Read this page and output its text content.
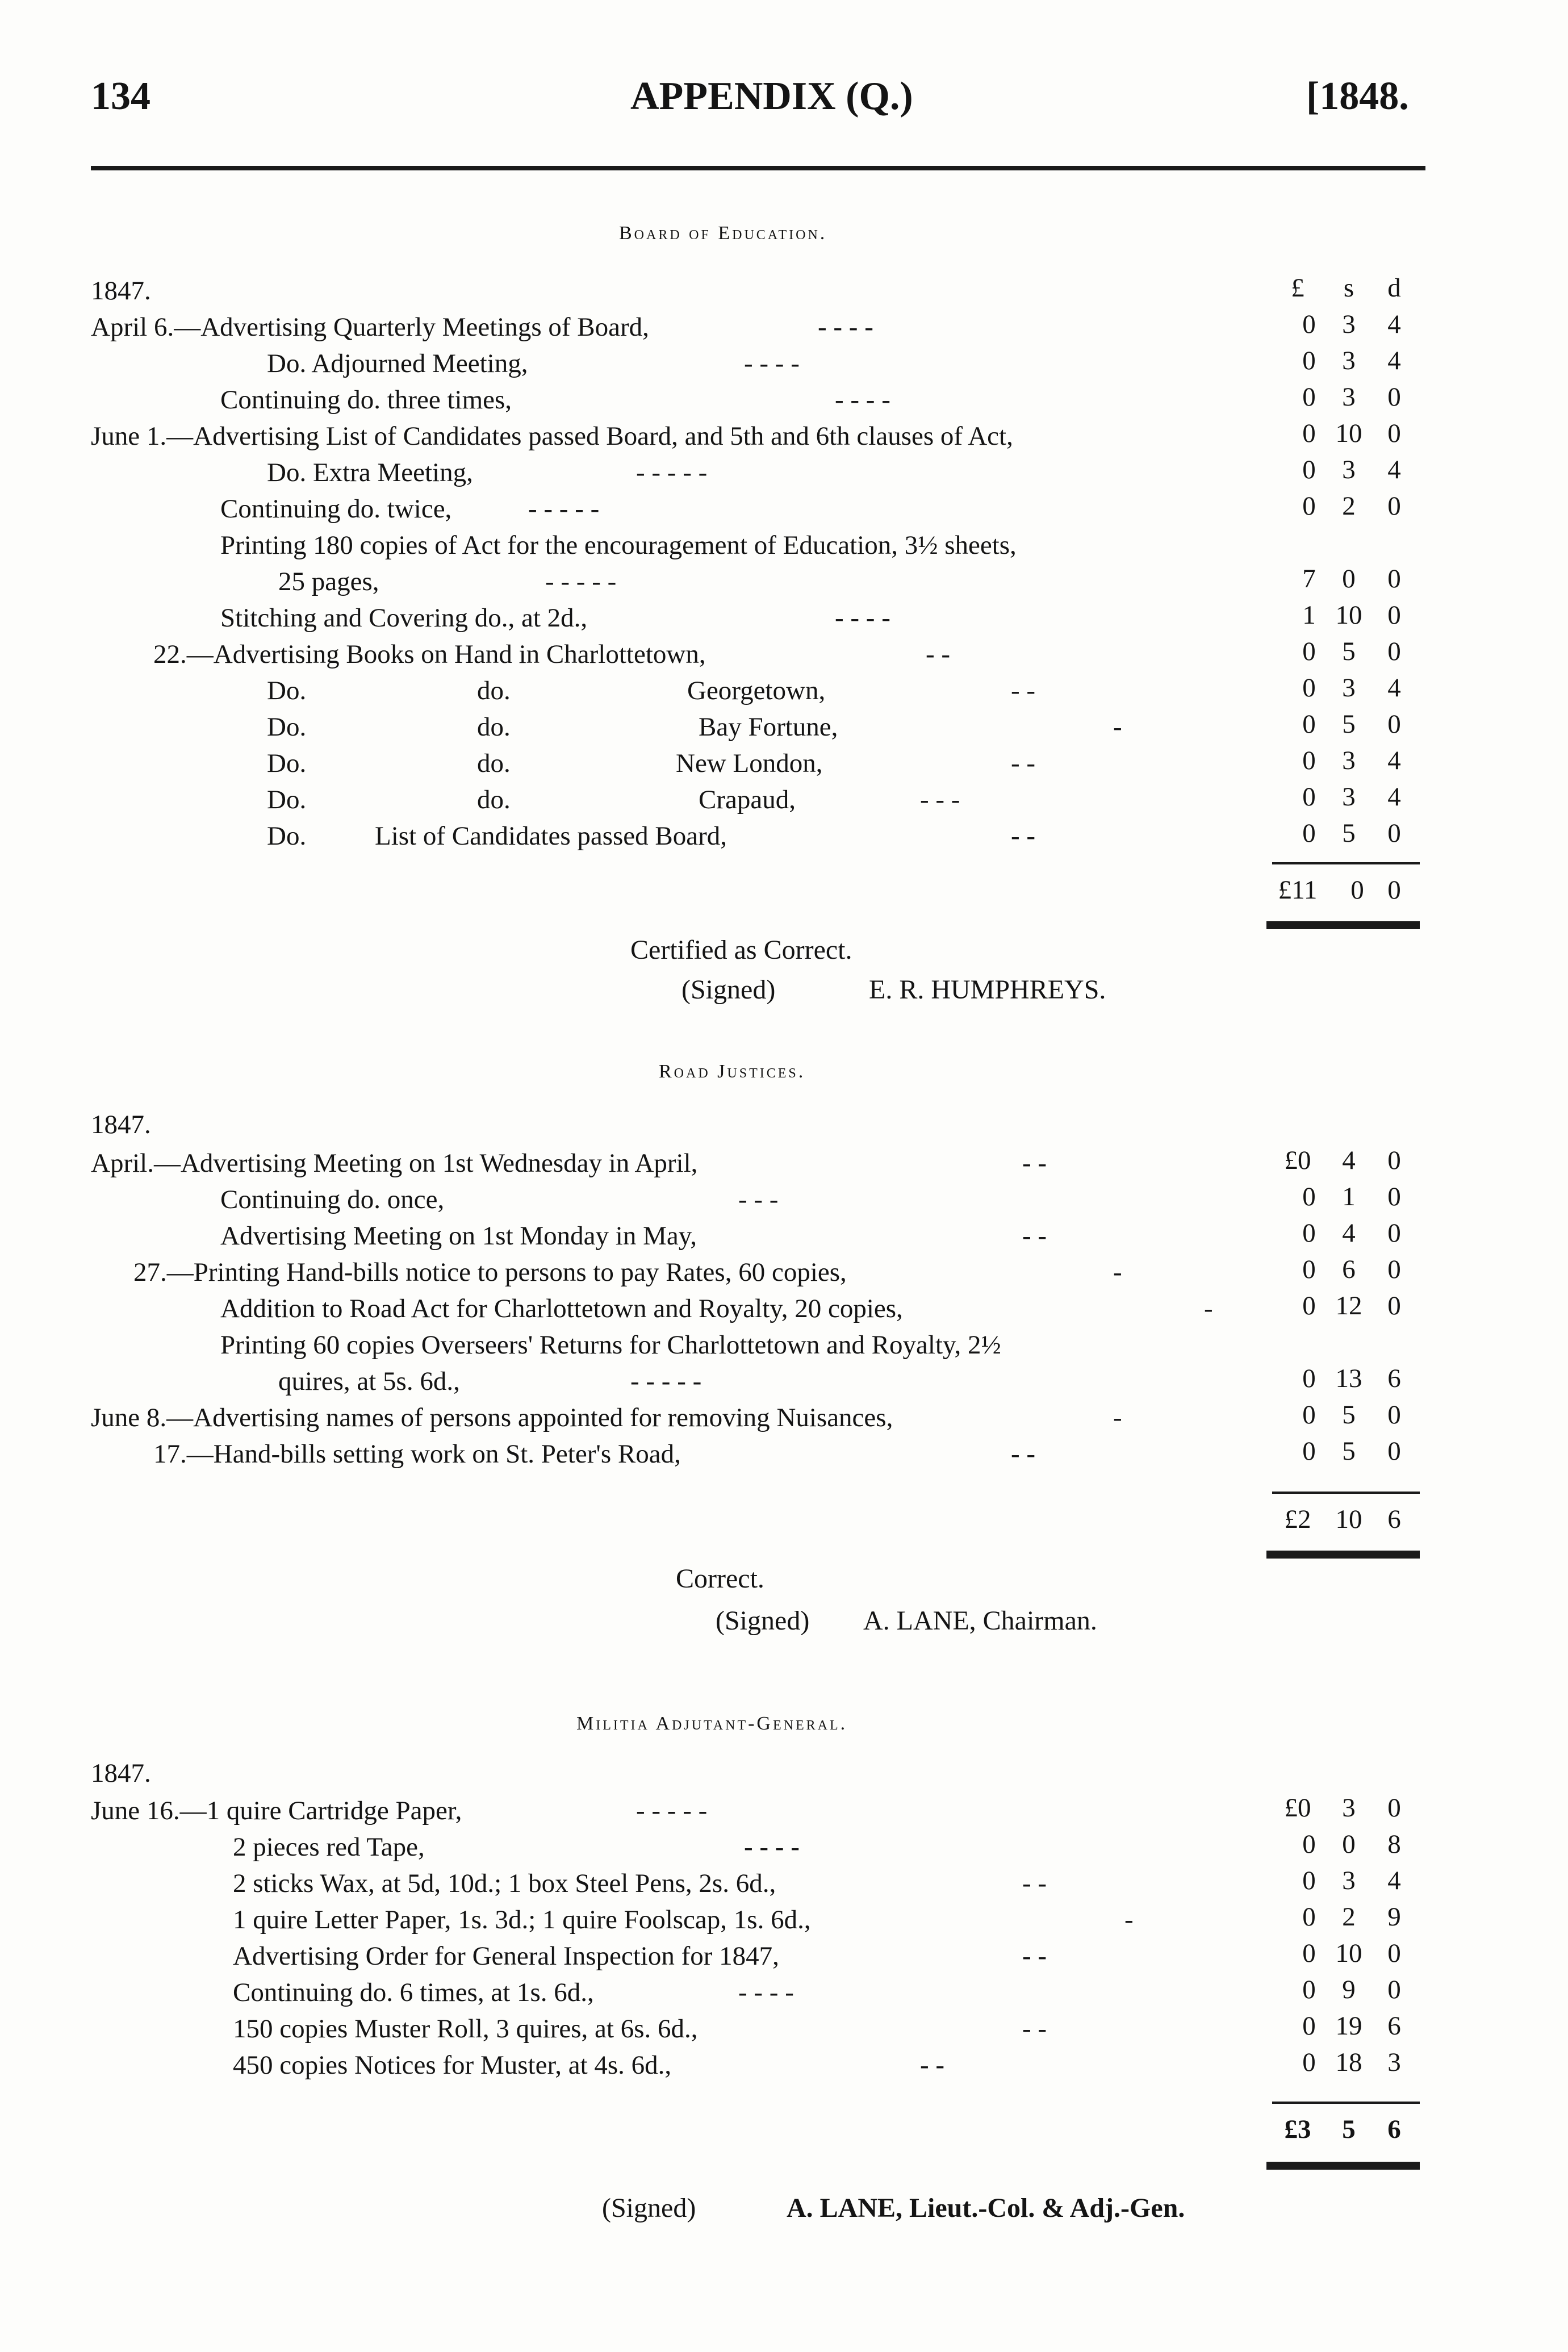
134	APPENDIX (Q.)	[1848.
Board of Education.
1847.	£	s	d
April 6.—Advertising Quarterly Meetings of Board,	- - - -	0 3	4
Do. Adjourned Meeting,	- - - -	0 3	4
Continuing do. three times,	- - - -	0 3	0
June 1.—Advertising List of Candidates passed Board, and 5th and 6th clauses of Act,	0 10 0
Do. Extra Meeting,	- - - - -	0 3	4
Continuing do. twice,	- - - - -	0 2	0
Printing 180 copies of Act for the encouragement of Education, 3½ sheets,
25 pages,	- - - - -	7 0	0
Stitching and Covering do., at 2d.,	- - - -	1 10 0
22.—Advertising Books on Hand in Charlottetown,	- -	0 5	0
Do.	do.	Georgetown,	- -	0 3	4
Do.	do.	Bay Fortune,	-	0 5	0
Do.	do.	New London,	- -	0 3	4
Do.	do.	Crapaud,	- - -	0 3	4
Do.	List of Candidates passed Board,	- -	0 5	0
£11	0 0
Certified as Correct.
(Signed)	E. R. HUMPHREYS.
Road Justices.
1847.
April.—Advertising Meeting on 1st Wednesday in April,	- -	£0	4	0
Continuing do. once,	- - -	0 1	0
Advertising Meeting on 1st Monday in May,	- -	0 4	0
27.—Printing Hand-bills notice to persons to pay Rates, 60 copies,	-	0 6	0
Addition to Road Act for Charlottetown and Royalty, 20 copies,	-	0 12 0
Printing 60 copies Overseers' Returns for Charlottetown and Royalty, 2½
quires, at 5s. 6d.,	- - - - -	0 13 6
June 8.—Advertising names of persons appointed for removing Nuisances,	-	0 5	0
17.—Hand-bills setting work on St. Peter's Road,	- -	0 5	0
£2 10 6
Correct.
(Signed) A. LANE, Chairman.
Militia Adjutant-General.
1847.
June 16.—1 quire Cartridge Paper,	- - - - -	£0	3	0
2 pieces red Tape,	- - - -	0 0	8
2 sticks Wax, at 5d, 10d.; 1 box Steel Pens, 2s. 6d.,	- -	0 3	4
1 quire Letter Paper, 1s. 3d.; 1 quire Foolscap, 1s. 6d.,	-	0 2	9
Advertising Order for General Inspection for 1847,	- -	0 10 0
Continuing do. 6 times, at 1s. 6d.,	- - - -	0 9	0
150 copies Muster Roll, 3 quires, at 6s. 6d.,	- -	0 19 6
450 copies Notices for Muster, at 4s. 6d.,	- -	0 18 3
£3	5	6
(Signed)	A. LANE, Lieut.-Col. & Adj.-Gen.
